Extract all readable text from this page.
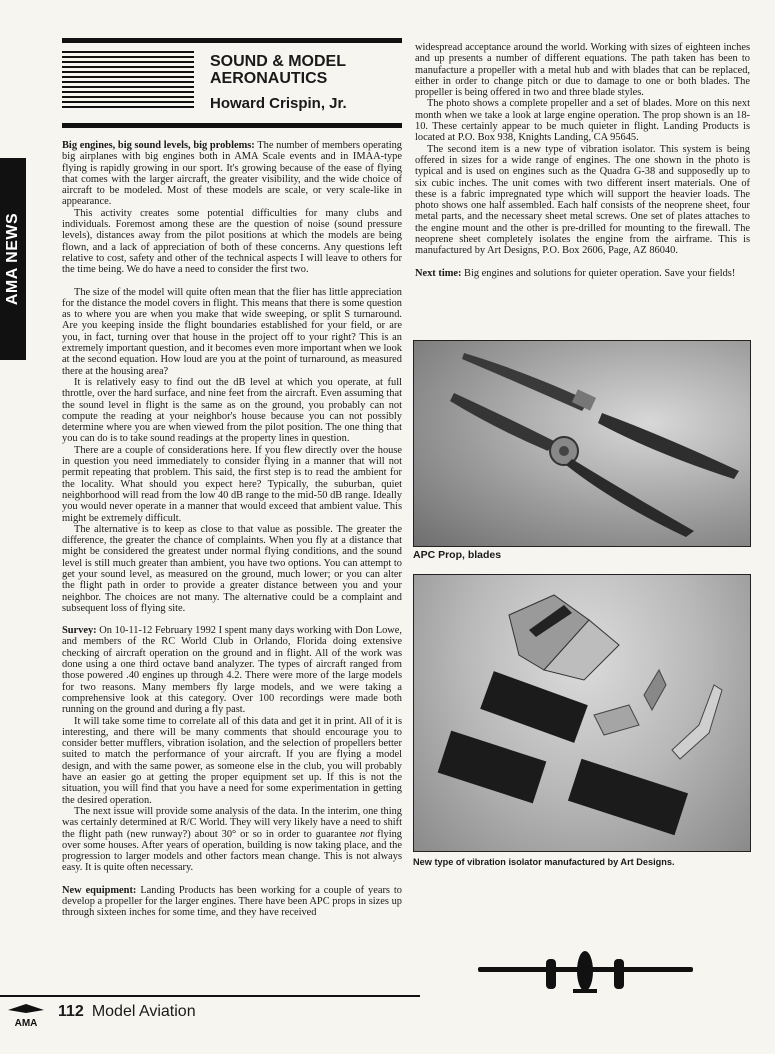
AMA NEWS
SOUND & MODEL AERONAUTICS
Howard Crispin, Jr.

Big engines, big sound levels, big problems: The number of members operating big airplanes with big engines both in AMA Scale events and in IMAA-type flying is rapidly growing in our sport. It's growing because of the ease of flying that comes with the larger aircraft, the greater visibility, and the wide choice of aircraft to be modeled. Most of these models are scale, or very scale-like in appearance.

This activity creates some potential difficulties for many clubs and individuals. Foremost among these are the question of noise (sound pressure levels), distances away from the pilot positions at which the models are being flown, and a lack of appreciation of both of these concerns. Any questions left relative to cost, safety and other of the technical aspects I will leave to others for the time being. We do have a need to consider the first two.

The size of the model will quite often mean that the flier has little appreciation for the distance the model covers in flight. This means that there is some question as to where you are when you make that wide sweeping, or split S turnaround. Are you keeping inside the flight boundaries established for your field, or are you, in fact, turning over that house in the project off to your right? This is an extremely important question, and it becomes even more important when we look at the second equation. How loud are you at the point of turnaround, as measured there at the housing area?

It is relatively easy to find out the dB level at which you operate, at full throttle, over the hard surface, and nine feet from the aircraft. Even assuming that the sound level in flight is the same as on the ground, you probably can not compute the reading at your neighbor's house because you can not possibly determine where you are when viewed from the pilot position. The one thing that you can do is to take sound readings at the property lines in question.

There are a couple of considerations here. If you flew directly over the house in question you need immediately to consider flying in a manner that will not permit repeating that problem. This said, the first step is to read the ambient for the locality. What should you expect here? Typically, the suburban, quiet neighborhood will read from the low 40 dB range to the mid-50 dB range. Ideally you would never operate in a manner that would exceed that ambient value. This might be extremely difficult.

The alternative is to keep as close to that value as possible. The greater the difference, the greater the chance of complaints. When you fly at a distance that might be considered the greatest under normal flying conditions, and the sound level is still much greater than ambient, you have two options. You can attempt to get your sound level, as measured on the ground, much lower; or you can alter the flight path in order to provide a greater distance between you and your neighbor. The choices are not many. The alternative could be a complaint and subsequent loss of flying site.

Survey: On 10-11-12 February 1992 I spent many days working with Don Lowe, and members of the RC World Club in Orlando, Florida doing extensive checking of aircraft operation on the ground and in flight. All of the work was done using a one third octave band analyzer. The types of aircraft ranged from those powered .40 engines up through 4.2. There were more of the large models for two reasons. Many members fly large models, and we were taking a comprehensive look at this category. Over 100 recordings were made both running on the ground and during a fly past.

It will take some time to correlate all of this data and get it in print. All of it is interesting, and there will be many comments that should encourage you to consider better mufflers, vibration isolation, and the selection of propellers better suited to match the performance of your aircraft. If you are flying a model design, and with the same power, as someone else in the club, you will probably have an easier go at getting the proper equipment set up. If this is not the situation, you will find that you have a need for some experimentation in getting the desired operation.

The next issue will provide some analysis of the data. In the interim, one thing was certainly determined at R/C World. They will very likely have a need to shift the flight path (new runway?) about 30° or so in order to guarantee not flying over some houses. After years of operation, building is now taking place, and the progression to larger models and other factors mean change. This is not always easy. It is quite often necessary.

New equipment: Landing Products has been working for a couple of years to develop a propeller for the larger engines. There have been APC props in sizes up through sixteen inches for some time, and they have received

widespread acceptance around the world. Working with sizes of eighteen inches and up presents a number of different equations. The path taken has been to manufacture a propeller with a metal hub and with blades that can be replaced, either in order to change pitch or due to damage to one or both blades. The propeller is being offered in two and three blade styles.

The photo shows a complete propeller and a set of blades. More on this next month when we take a look at large engine operation. The prop shown is an 18-10. These certainly appear to be much quieter in flight. Landing Products is located at P.O. Box 938, Knights Landing, CA 95645.

The second item is a new type of vibration isolator. This system is being offered in sizes for a wide range of engines. The one shown in the photo is typical and is used on engines such as the Quadra G-38 and supposedly up to six cubic inches. The unit comes with two different insert materials. One of these is a fabric impregnated type which will support the heavier loads. The photo shows one half assembled. Each half consists of the neoprene sheet, four metal parts, and the necessary sheet metal screws. One set of plates attaches to the engine mount and the other is pre-drilled for mounting to the firewall. The neoprene sheet completely isolates the engine from the airframe. This is manufactured by Art Designs, P.O. Box 2606, Page, AZ 86040.

Next time: Big engines and solutions for quieter operation. Save your fields!

APC Prop, blades
New type of vibration isolator manufactured by Art Designs.
AMA
112 Model Aviation
